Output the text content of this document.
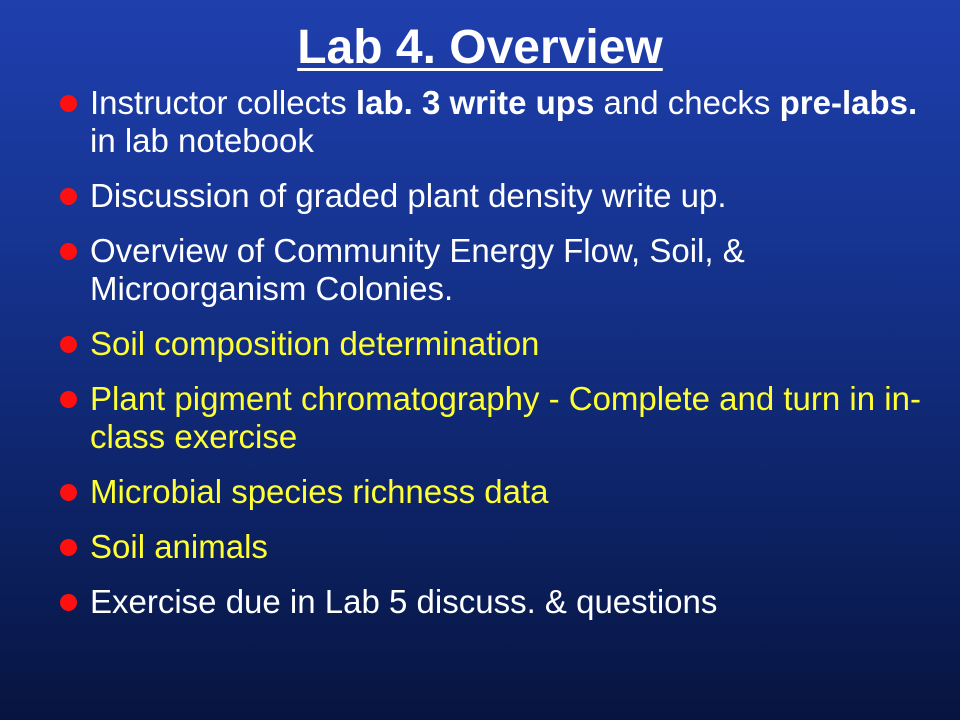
Lab 4. Overview
Instructor collects lab. 3 write ups and checks pre-labs. in lab notebook
Discussion of graded plant density write up.
Overview of Community Energy Flow, Soil, & Microorganism Colonies.
Soil composition determination
Plant pigment chromatography - Complete and turn in in-class exercise
Microbial species richness data
Soil animals
Exercise due in Lab 5 discuss. & questions
